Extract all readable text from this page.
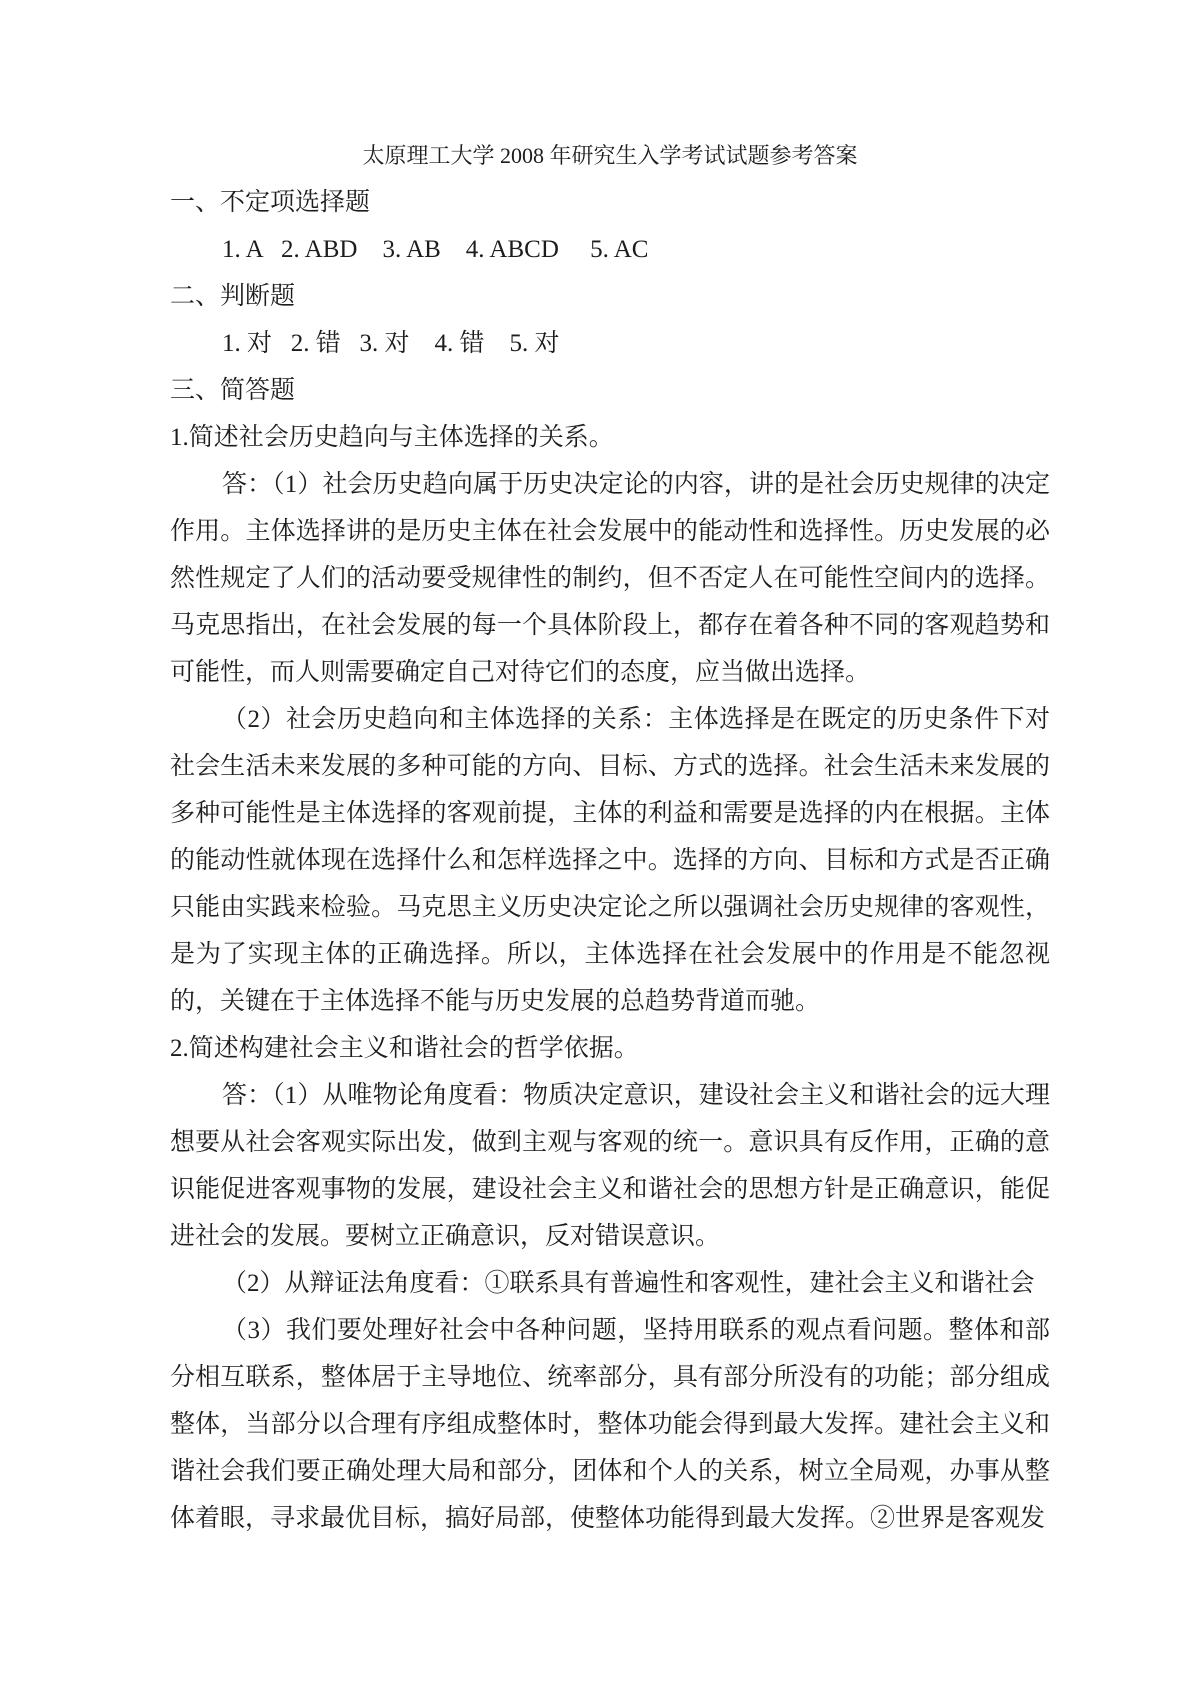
太原理工大学 2008 年研究生入学考试试题参考答案
一、不定项选择题
1. A   2. ABD    3. AB    4. ABCD     5. AC
二、判断题
1. 对   2. 错   3. 对    4. 错    5. 对
三、简答题
1.简述社会历史趋向与主体选择的关系。

答：（1）社会历史趋向属于历史决定论的内容，讲的是社会历史规律的决定作用。主体选择讲的是历史主体在社会发展中的能动性和选择性。历史发展的必然性规定了人们的活动要受规律性的制约，但不否定人在可能性空间内的选择。马克思指出，在社会发展的每一个具体阶段上，都存在着各种不同的客观趋势和可能性，而人则需要确定自己对待它们的态度，应当做出选择。

（2）社会历史趋向和主体选择的关系：主体选择是在既定的历史条件下对社会生活未来发展的多种可能的方向、目标、方式的选择。社会生活未来发展的多种可能性是主体选择的客观前提，主体的利益和需要是选择的内在根据。主体的能动性就体现在选择什么和怎样选择之中。选择的方向、目标和方式是否正确只能由实践来检验。马克思主义历史决定论之所以强调社会历史规律的客观性，是为了实现主体的正确选择。所以，主体选择在社会发展中的作用是不能忽视的，关键在于主体选择不能与历史发展的总趋势背道而驰。

2.简述构建社会主义和谐社会的哲学依据。

答：（1）从唯物论角度看：物质决定意识，建设社会主义和谐社会的远大理想要从社会客观实际出发，做到主观与客观的统一。意识具有反作用，正确的意识能促进客观事物的发展，建设社会主义和谐社会的思想方针是正确意识，能促进社会的发展。要树立正确意识，反对错误意识。

（2）从辩证法角度看：①联系具有普遍性和客观性，建社会主义和谐社会

（3）我们要处理好社会中各种问题，坚持用联系的观点看问题。整体和部分相互联系，整体居于主导地位、统率部分，具有部分所没有的功能；部分组成整体，当部分以合理有序组成整体时，整体功能会得到最大发挥。建社会主义和谐社会我们要正确处理大局和部分，团体和个人的关系，树立全局观，办事从整体着眼，寻求最优目标，搞好局部，使整体功能得到最大发挥。②世界是客观发
